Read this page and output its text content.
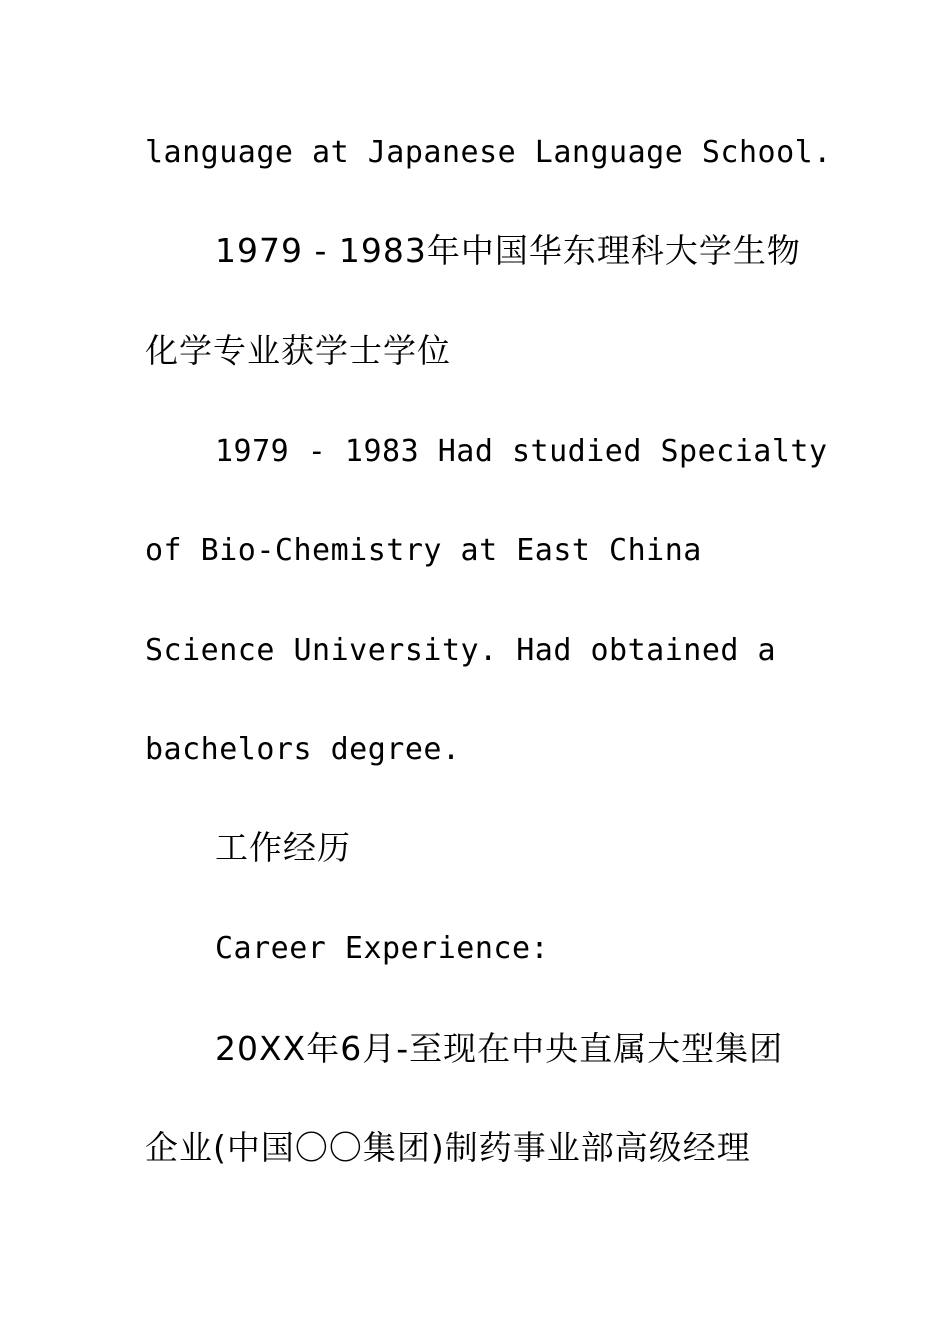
language at Japanese Language School.
1979 - 1983年中国华东理科大学生物
化学专业获学士学位
1979 - 1983 Had studied Specialty
of Bio-Chemistry at East China
Science University. Had obtained a
bachelors degree.
工作经历
Career Experience:
20XX年6月-至现在中央直属大型集团
企业(中国〇〇集团)制药事业部高级经理
